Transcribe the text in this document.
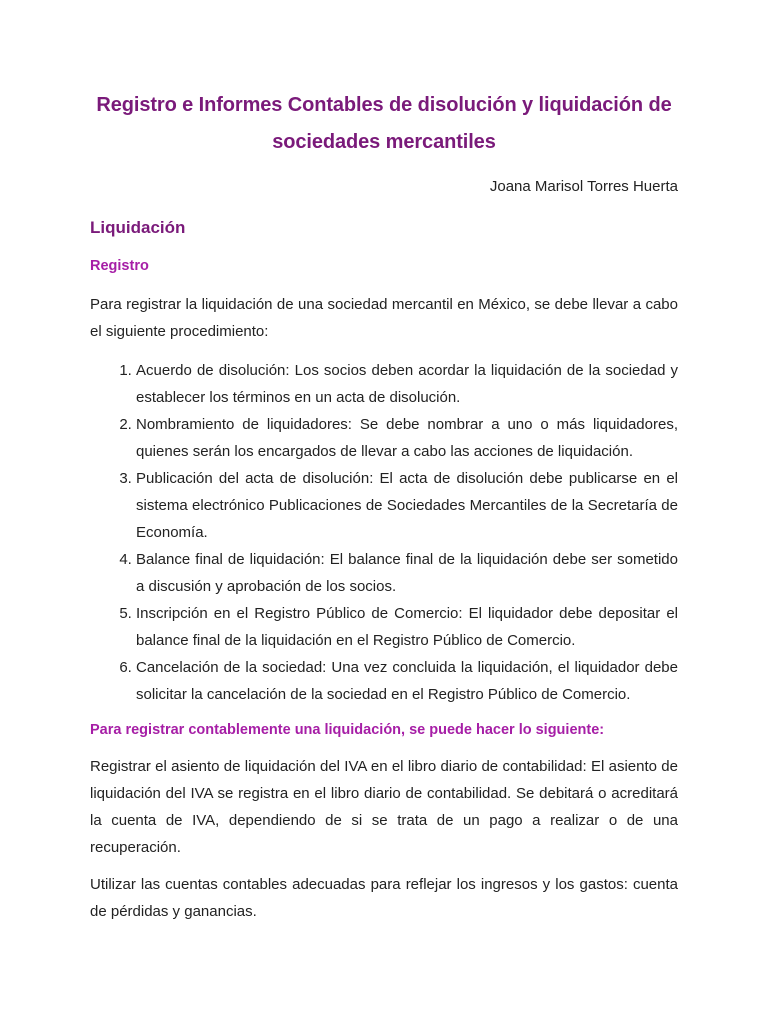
Registro e Informes Contables de disolución y liquidación de sociedades mercantiles

Joana Marisol Torres Huerta

Liquidación
Registro

Para registrar la liquidación de una sociedad mercantil en México, se debe llevar a cabo el siguiente procedimiento:

1. Acuerdo de disolución: Los socios deben acordar la liquidación de la sociedad y establecer los términos en un acta de disolución.
2. Nombramiento de liquidadores: Se debe nombrar a uno o más liquidadores, quienes serán los encargados de llevar a cabo las acciones de liquidación.
3. Publicación del acta de disolución: El acta de disolución debe publicarse en el sistema electrónico Publicaciones de Sociedades Mercantiles de la Secretaría de Economía.
4. Balance final de liquidación: El balance final de la liquidación debe ser sometido a discusión y aprobación de los socios.
5. Inscripción en el Registro Público de Comercio: El liquidador debe depositar el balance final de la liquidación en el Registro Público de Comercio.
6. Cancelación de la sociedad: Una vez concluida la liquidación, el liquidador debe solicitar la cancelación de la sociedad en el Registro Público de Comercio.
Para registrar contablemente una liquidación, se puede hacer lo siguiente:

Registrar el asiento de liquidación del IVA en el libro diario de contabilidad: El asiento de liquidación del IVA se registra en el libro diario de contabilidad. Se debitará o acreditará la cuenta de IVA, dependiendo de si se trata de un pago a realizar o de una recuperación.

Utilizar las cuentas contables adecuadas para reflejar los ingresos y los gastos: cuenta de pérdidas y ganancias.
